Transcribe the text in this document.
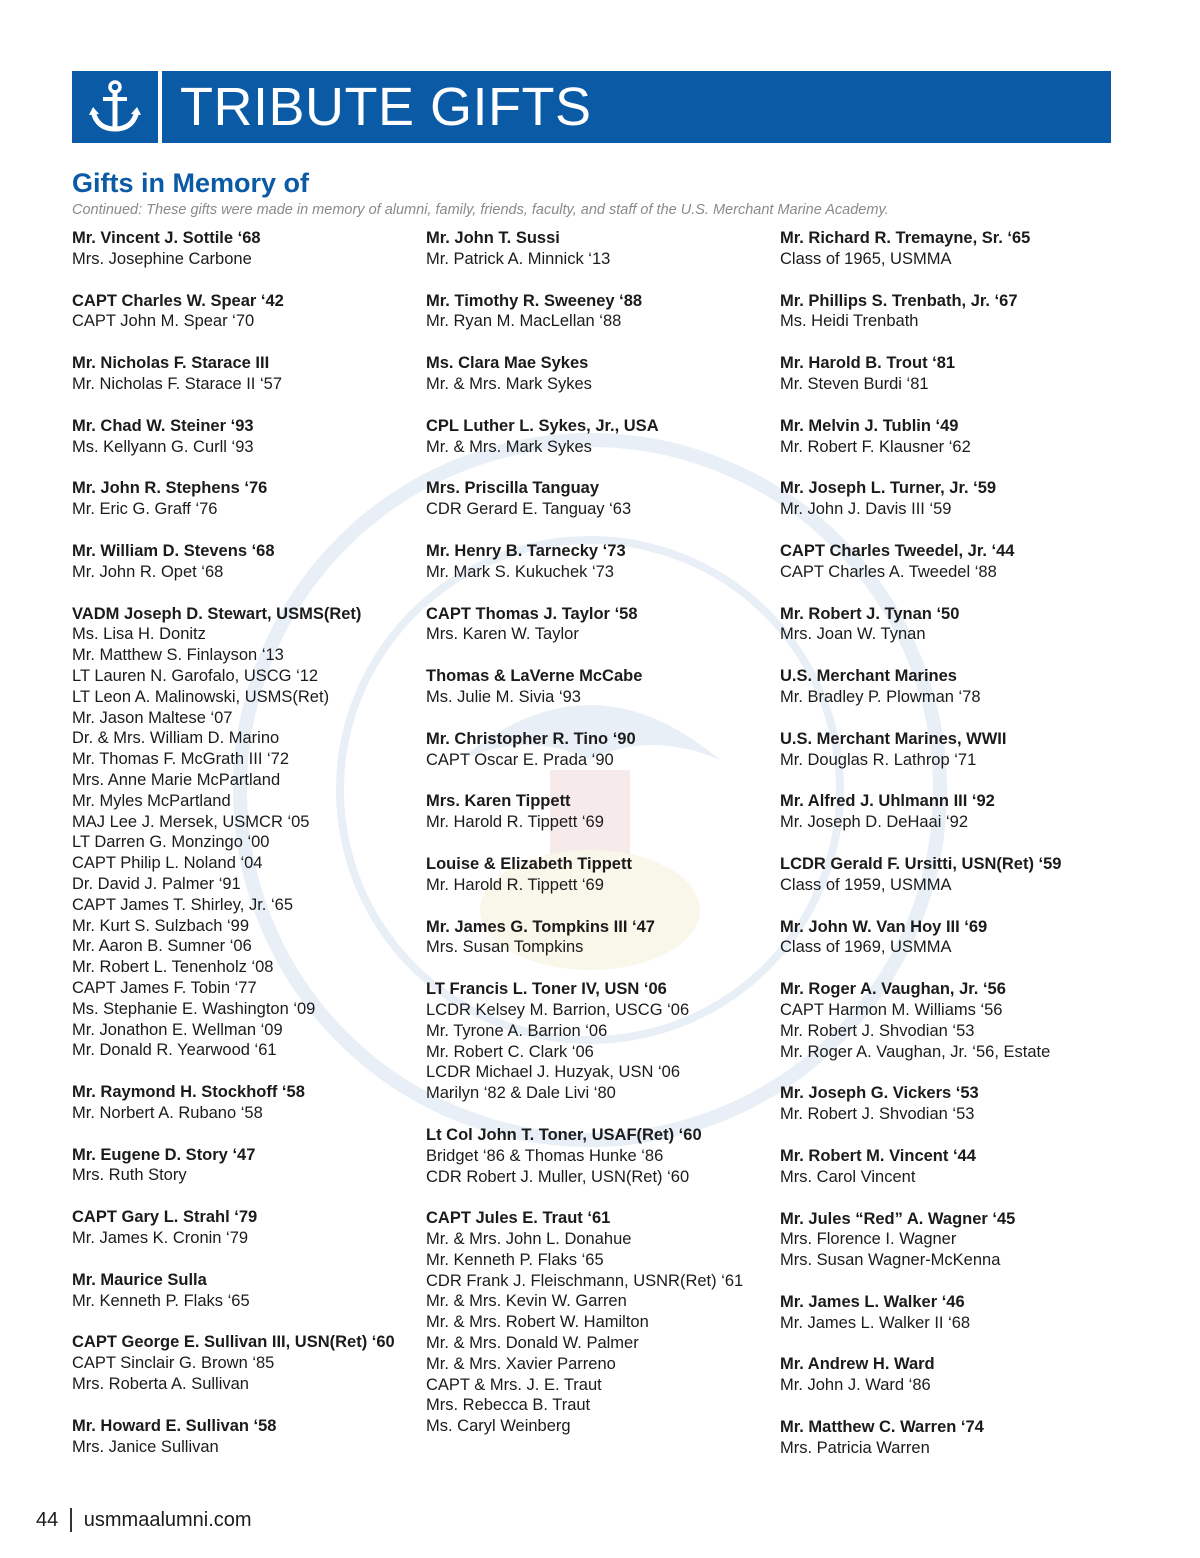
TRIBUTE GIFTS
Gifts in Memory of
Continued: These gifts were made in memory of alumni, family, friends, faculty, and staff of the U.S. Merchant Marine Academy.
Mr. Vincent J. Sottile ‘68
Mrs. Josephine Carbone
CAPT Charles W. Spear ‘42
CAPT John M. Spear ‘70
Mr. Nicholas F. Starace III
Mr. Nicholas F. Starace II ‘57
Mr. Chad W. Steiner ‘93
Ms. Kellyann G. Curll ‘93
Mr. John R. Stephens ‘76
Mr. Eric G. Graff ‘76
Mr. William D. Stevens ‘68
Mr. John R. Opet ‘68
VADM Joseph D. Stewart, USMS(Ret)
Ms. Lisa H. Donitz
Mr. Matthew S. Finlayson ‘13
LT Lauren N. Garofalo, USCG ‘12
LT Leon A. Malinowski, USMS(Ret)
Mr. Jason Maltese ‘07
Dr. & Mrs. William D. Marino
Mr. Thomas F. McGrath III ‘72
Mrs. Anne Marie McPartland
Mr. Myles McPartland
MAJ Lee J. Mersek, USMCR ‘05
LT Darren G. Monzingo ‘00
CAPT Philip L. Noland ‘04
Dr. David J. Palmer ‘91
CAPT James T. Shirley, Jr. ‘65
Mr. Kurt S. Sulzbach ‘99
Mr. Aaron B. Sumner ‘06
Mr. Robert L. Tenenholz ‘08
CAPT James F. Tobin ‘77
Ms. Stephanie E. Washington ‘09
Mr. Jonathon E. Wellman ‘09
Mr. Donald R. Yearwood ‘61
Mr. Raymond H. Stockhoff ‘58
Mr. Norbert A. Rubano ‘58
Mr. Eugene D. Story ‘47
Mrs. Ruth Story
CAPT Gary L. Strahl ‘79
Mr. James K. Cronin ‘79
Mr. Maurice Sulla
Mr. Kenneth P. Flaks ‘65
CAPT George E. Sullivan III, USN(Ret) ‘60
CAPT Sinclair G. Brown ‘85
Mrs. Roberta A. Sullivan
Mr. Howard E. Sullivan ‘58
Mrs. Janice Sullivan
Mr. John T. Sussi
Mr. Patrick A. Minnick ‘13
Mr. Timothy R. Sweeney ‘88
Mr. Ryan M. MacLellan ‘88
Ms. Clara Mae Sykes
Mr. & Mrs. Mark Sykes
CPL Luther L. Sykes, Jr., USA
Mr. & Mrs. Mark Sykes
Mrs. Priscilla Tanguay
CDR Gerard E. Tanguay ‘63
Mr. Henry B. Tarnecky ‘73
Mr. Mark S. Kukuchek ‘73
CAPT Thomas J. Taylor ‘58
Mrs. Karen W. Taylor
Thomas & LaVerne McCabe
Ms. Julie M. Sivia ‘93
Mr. Christopher R. Tino ‘90
CAPT Oscar E. Prada ‘90
Mrs. Karen Tippett
Mr. Harold R. Tippett ‘69
Louise & Elizabeth Tippett
Mr. Harold R. Tippett ‘69
Mr. James G. Tompkins III ‘47
Mrs. Susan Tompkins
LT Francis L. Toner IV, USN ‘06
LCDR Kelsey M. Barrion, USCG ‘06
Mr. Tyrone A. Barrion ‘06
Mr. Robert C. Clark ‘06
LCDR Michael J. Huzyak, USN ‘06
Marilyn ‘82 & Dale Livi ‘80
Lt Col John T. Toner, USAF(Ret) ‘60
Bridget ‘86 & Thomas Hunke ‘86
CDR Robert J. Muller, USN(Ret) ‘60
CAPT Jules E. Traut ‘61
Mr. & Mrs. John L. Donahue
Mr. Kenneth P. Flaks ‘65
CDR Frank J. Fleischmann, USNR(Ret) ‘61
Mr. & Mrs. Kevin W. Garren
Mr. & Mrs. Robert W. Hamilton
Mr. & Mrs. Donald W. Palmer
Mr. & Mrs. Xavier Parreno
CAPT & Mrs. J. E. Traut
Mrs. Rebecca B. Traut
Ms. Caryl Weinberg
Mr. Richard R. Tremayne, Sr. ‘65
Class of 1965, USMMA
Mr. Phillips S. Trenbath, Jr. ‘67
Ms. Heidi Trenbath
Mr. Harold B. Trout ‘81
Mr. Steven Burdi ‘81
Mr. Melvin J. Tublin ‘49
Mr. Robert F. Klausner ‘62
Mr. Joseph L. Turner, Jr. ‘59
Mr. John J. Davis III ‘59
CAPT Charles Tweedel, Jr. ‘44
CAPT Charles A. Tweedel ‘88
Mr. Robert J. Tynan ‘50
Mrs. Joan W. Tynan
U.S. Merchant Marines
Mr. Bradley P. Plowman ‘78
U.S. Merchant Marines, WWII
Mr. Douglas R. Lathrop ‘71
Mr. Alfred J. Uhlmann III ‘92
Mr. Joseph D. DeHaai ‘92
LCDR Gerald F. Ursitti, USN(Ret) ‘59
Class of 1959, USMMA
Mr. John W. Van Hoy III ‘69
Class of 1969, USMMA
Mr. Roger A. Vaughan, Jr. ‘56
CAPT Harmon M. Williams ‘56
Mr. Robert J. Shvodian ‘53
Mr. Roger A. Vaughan, Jr. ‘56, Estate
Mr. Joseph G. Vickers ‘53
Mr. Robert J. Shvodian ‘53
Mr. Robert M. Vincent ‘44
Mrs. Carol Vincent
Mr. Jules “Red” A. Wagner ‘45
Mrs. Florence I. Wagner
Mrs. Susan Wagner-McKenna
Mr. James L. Walker ‘46
Mr. James L. Walker II ‘68
Mr. Andrew H. Ward
Mr. John J. Ward ‘86
Mr. Matthew C. Warren ‘74
Mrs. Patricia Warren
44 usmmaalumni.com
